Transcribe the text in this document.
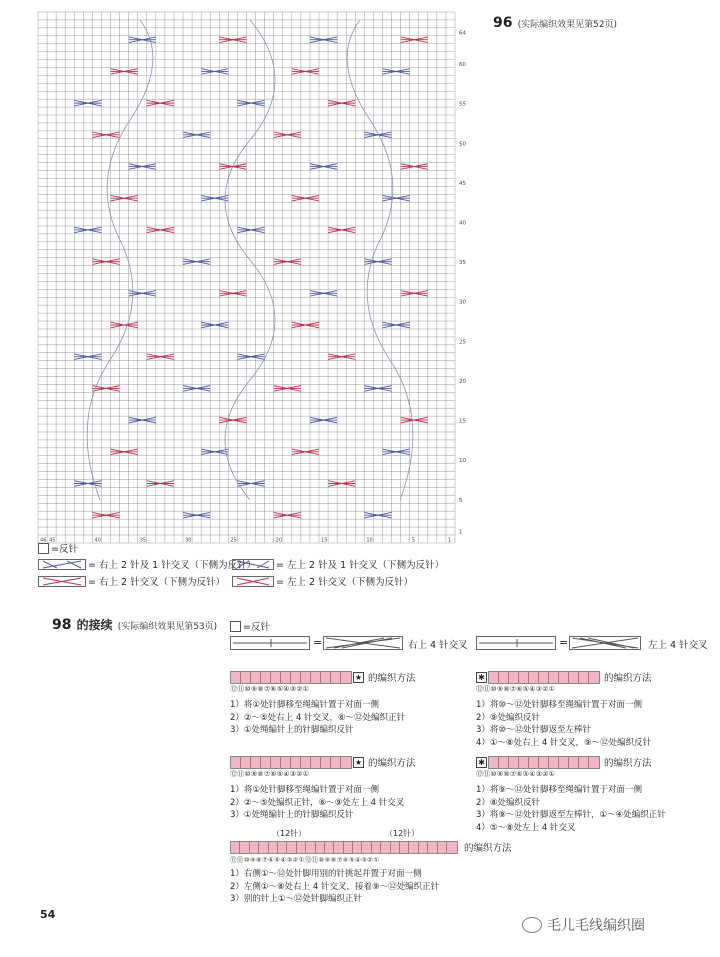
64
60
55
50
45
40
35
30
25
20
15
10
5
1
46 45	40	35	30	25	20	15	10	5	1
96 (实际编织效果见第52页)
=反针
= 右上 2 针及 1 针交叉（下侧为反针） = 左上 2 针及 1 针交叉（下侧为反针）
= 右上 2 针交叉（下侧为反针）	= 左上 2 针交叉（下侧为反针）
98 的接续 (实际编织效果见第53页)	=反针
=	右上 4 针交叉	=	左上 4 针交叉
★ 的编织方法
⑫⑪⑩⑨⑧⑦⑥⑤④③②①
1）将①处针脚移至绳编针置于对面一侧
2）②～⑤处右上 4 针交叉，⑥～⑫处编织正针
3）①处绳编针上的针脚编织反针
✱	的编织方法
⑫⑪⑩⑨⑧⑦⑥⑤④③②①
1）将⑩～⑫处针脚移至绳编针置于对面一侧
2）⑨处编织反针
3）将⑩～⑫处针脚返至左棒针
4）①～⑧处右上 4 针交叉，⑨～⑫处编织反针
★ 的编织方法
⑫⑪⑩⑨⑧⑦⑥⑤④③②①
1）将①处针脚移至绳编针置于对面一侧
2）②～⑤处编织正针，⑥～⑨处左上 4 针交叉
3）①处绳编针上的针脚编织反针
✱	的编织方法
⑫⑪⑩⑨⑧⑦⑥⑤④③②①
1）将⑨～⑫处针脚移至绳编针置于对面一侧
2）⑧处编织反针
3）将⑨～⑫处针脚返至左棒针，①～④处编织正针
4）⑤～⑧处左上 4 针交叉
（12针）	（12针）
的编织方法
⑫⑪⑩⑨⑧⑦⑥⑤④③②①⑫⑪⑩⑨⑧⑦⑥⑤④③②①
1）右侧①～⑫处针脚用别的针挑起并置于对面一侧
2）左侧①～⑧处右上 4 针交叉，接着⑨～⑫处编织正针
3）别的针上①～⑫处针脚编织正针
54
毛儿毛线编织圈
